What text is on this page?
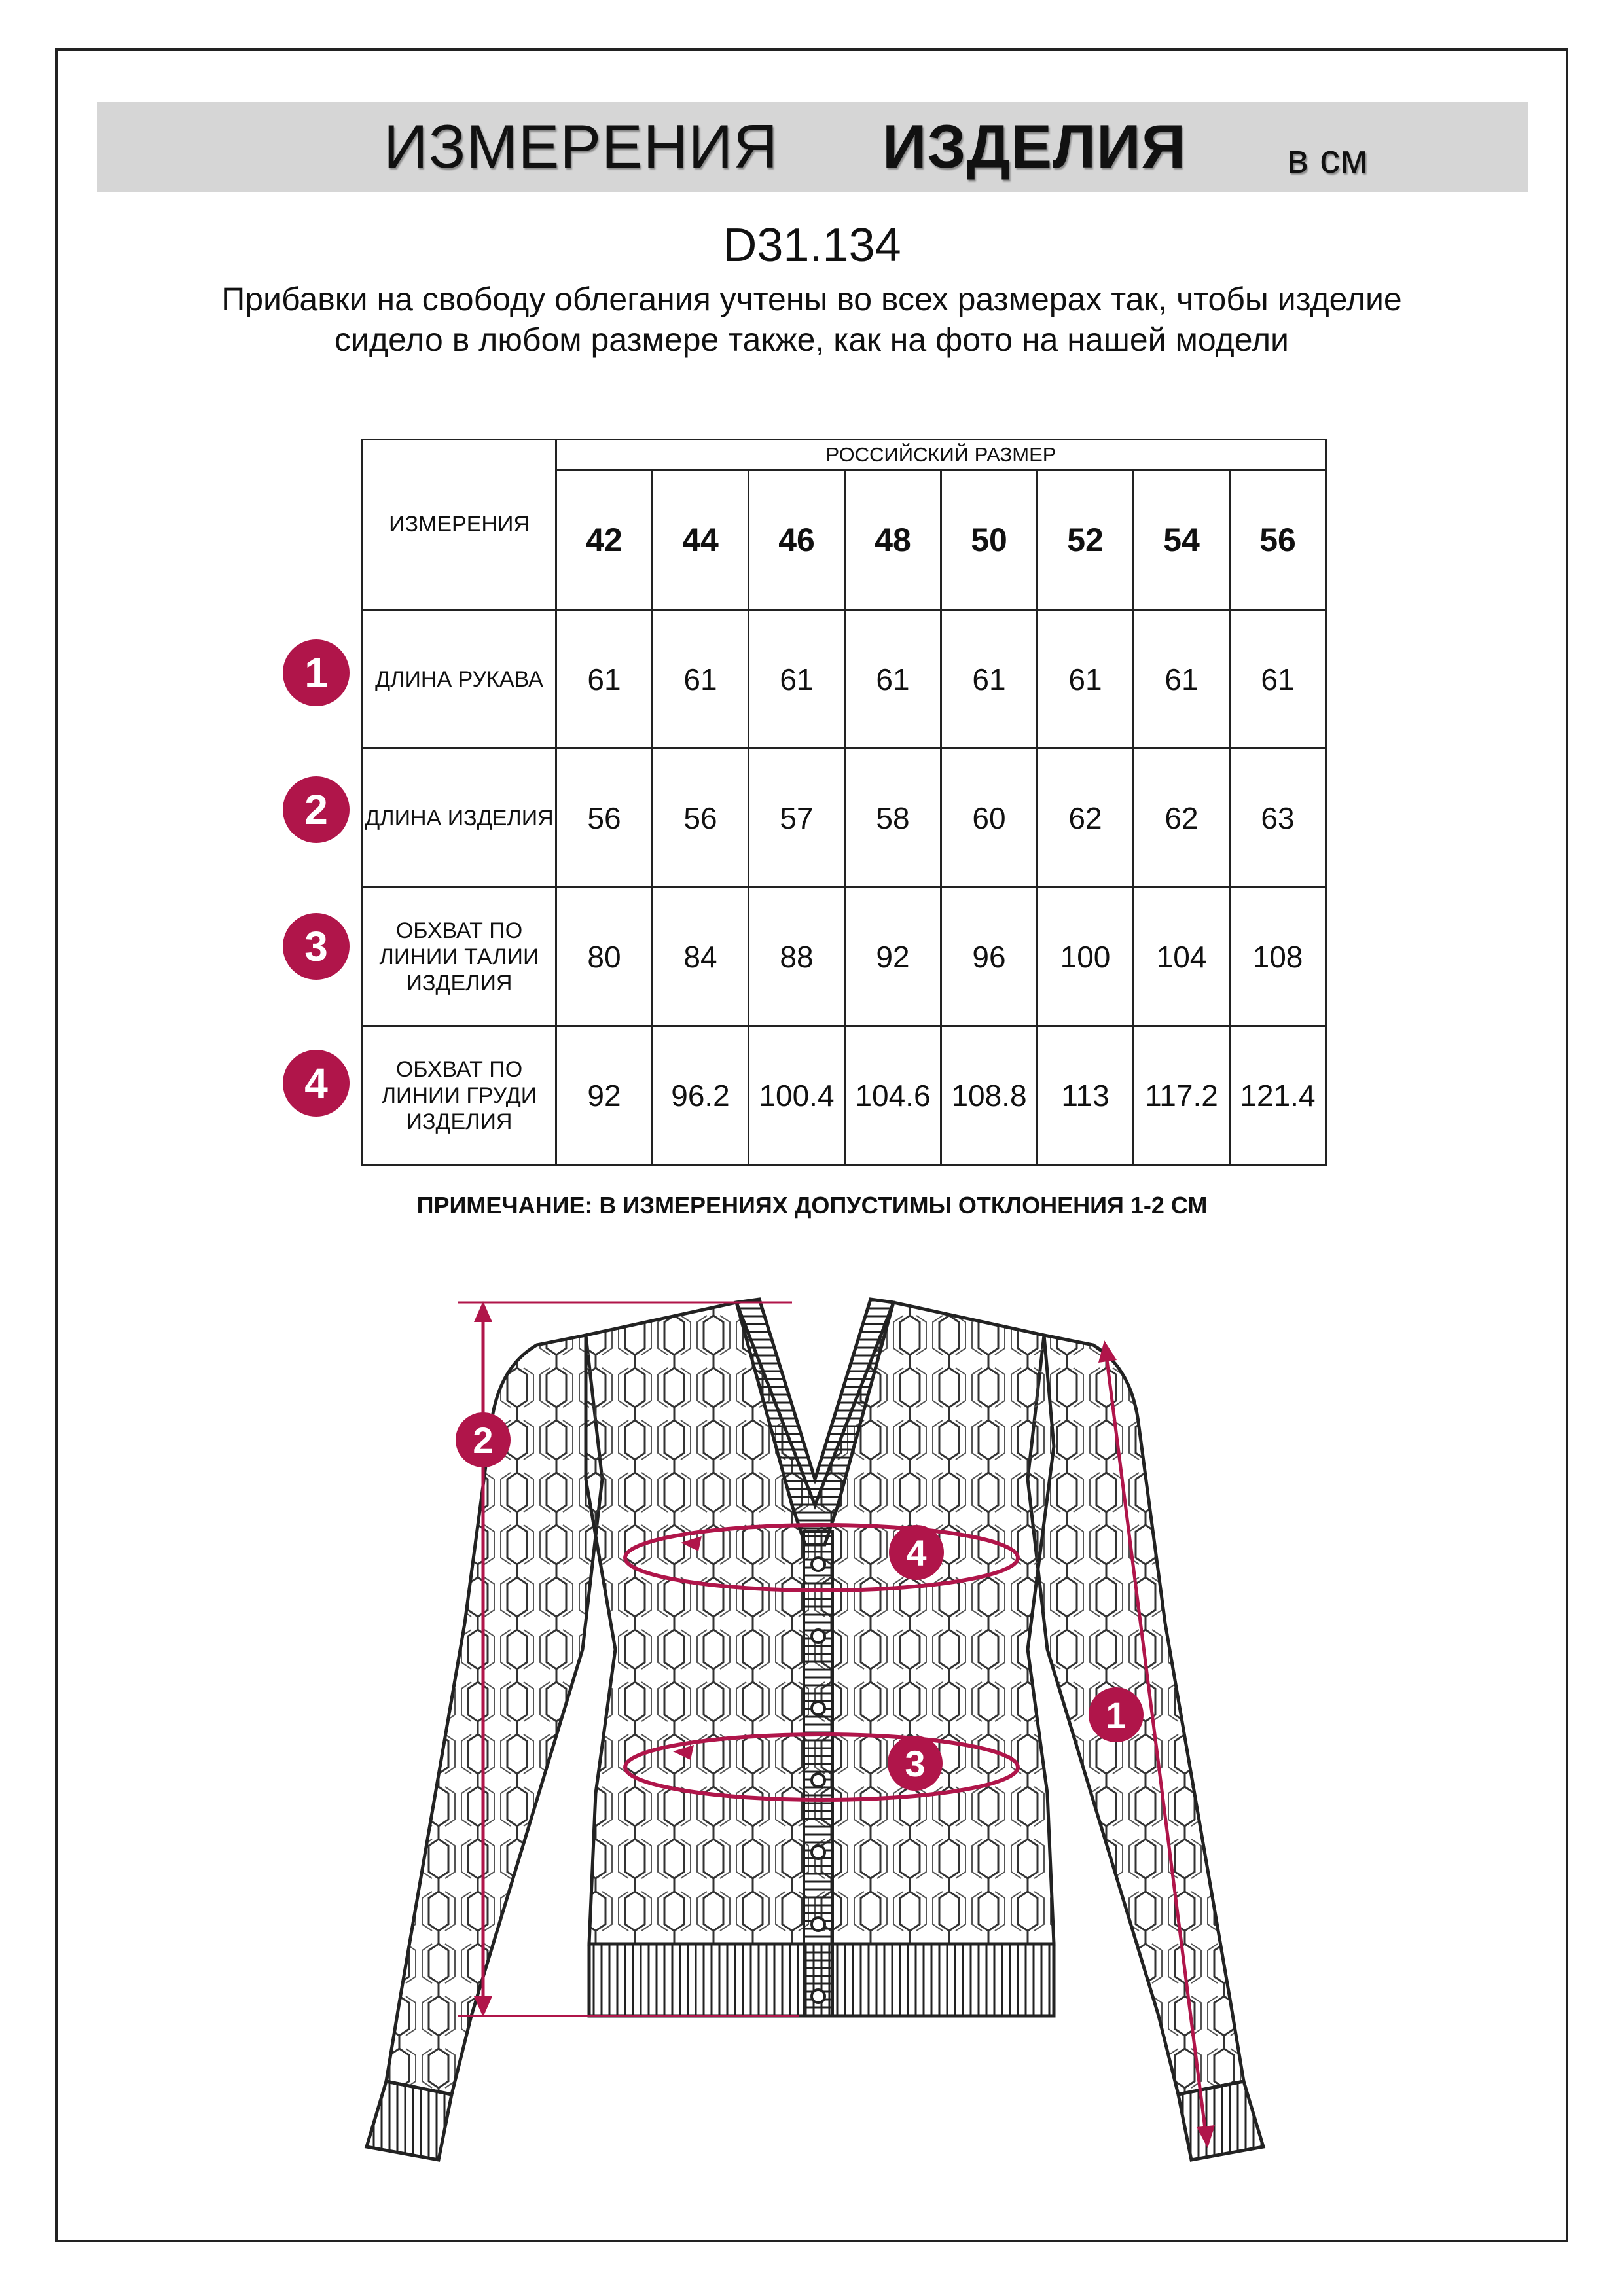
ИЗМЕРЕНИЯ ИЗДЕЛИЯ в см
D31.134
Прибавки на свободу облегания учтены во всех размерах так, чтобы изделие сидело в любом размере также, как на фото на нашей модели
ИЗМЕРЕНИЯ	РОССИЙСКИЙ РАЗМЕР							
	42	44	46	48	50	52	54	56
ДЛИНА РУКАВА	61	61	61	61	61	61	61	61
ДЛИНА ИЗДЕЛИЯ	56	56	57	58	60	62	62	63
ОБХВАТ ПО ЛИНИИ ТАЛИИ ИЗДЕЛИЯ	80	84	88	92	96	100	104	108
ОБХВАТ ПО ЛИНИИ ГРУДИ ИЗДЕЛИЯ	92	96.2	100.4	104.6	108.8	113	117.2	121.4
1
2
3
4
ПРИМЕЧАНИЕ: В ИЗМЕРЕНИЯХ ДОПУСТИМЫ ОТКЛОНЕНИЯ 1-2 СМ
2
4
3
1
